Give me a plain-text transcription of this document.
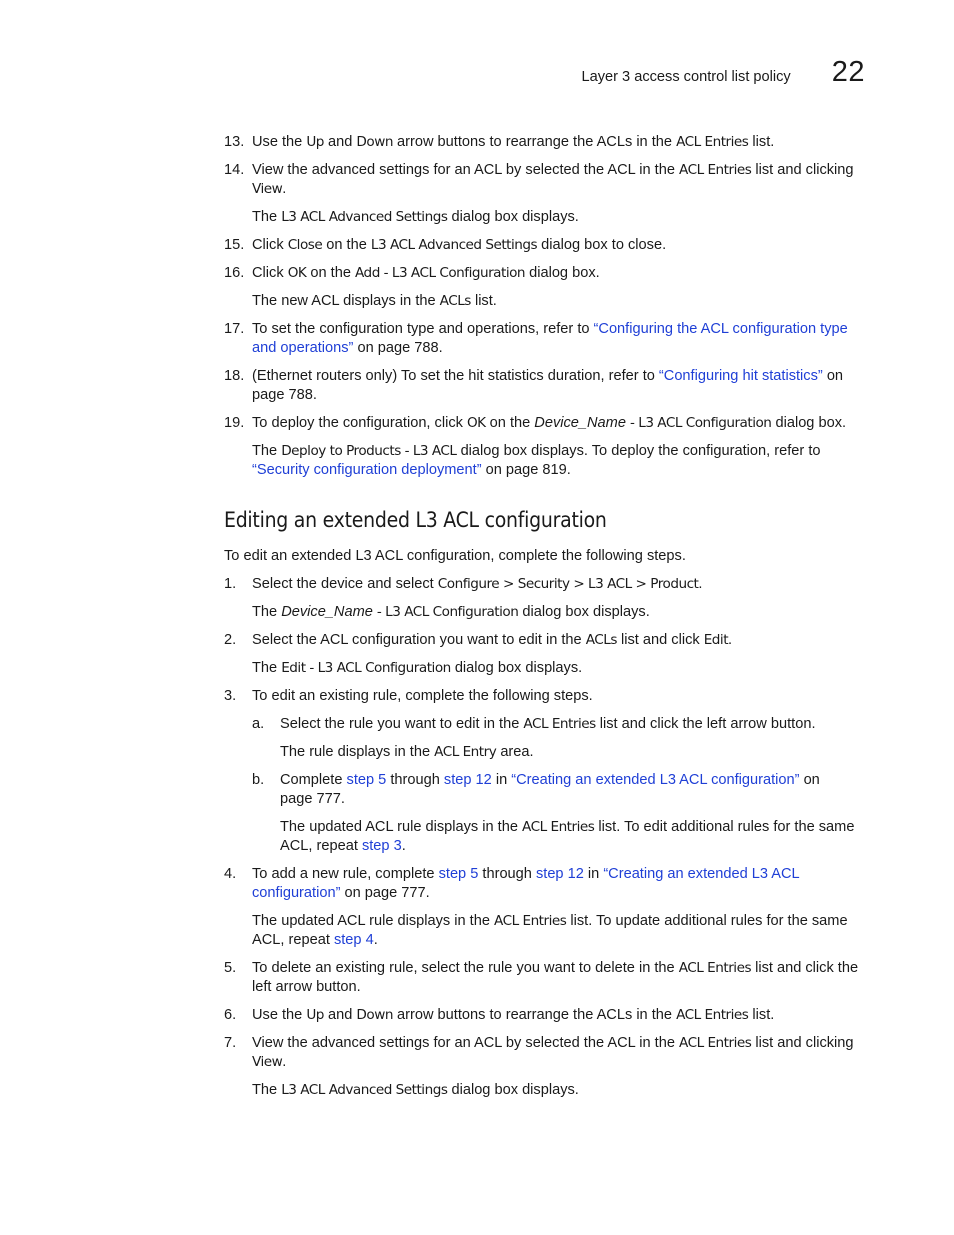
Layer 3 access control list policy 22
13. Use the Up and Down arrow buttons to rearrange the ACLs in the ACL Entries list.
14. View the advanced settings for an ACL by selected the ACL in the ACL Entries list and clicking
View.
The L3 ACL Advanced Settings dialog box displays.
15. Click Close on the L3 ACL Advanced Settings dialog box to close.
16. Click OK on the Add - L3 ACL Configuration dialog box.
The new ACL displays in the ACLs list.
17. To set the configuration type and operations, refer to “Configuring the ACL configuration type
and operations” on page 788.
18. (Ethernet routers only) To set the hit statistics duration, refer to “Configuring hit statistics” on
page 788.
19. To deploy the configuration, click OK on the Device_Name - L3 ACL Configuration dialog box.
The Deploy to Products - L3 ACL dialog box displays. To deploy the configuration, refer to
“Security configuration deployment” on page 819.
Editing an extended L3 ACL configuration
To edit an extended L3 ACL configuration, complete the following steps.
1. Select the device and select Configure > Security > L3 ACL > Product.
The Device_Name - L3 ACL Configuration dialog box displays.
2. Select the ACL configuration you want to edit in the ACLs list and click Edit.
The Edit - L3 ACL Configuration dialog box displays.
3. To edit an existing rule, complete the following steps.
a. Select the rule you want to edit in the ACL Entries list and click the left arrow button.
The rule displays in the ACL Entry area.
b. Complete step 5 through step 12 in “Creating an extended L3 ACL configuration” on
page 777.
The updated ACL rule displays in the ACL Entries list. To edit additional rules for the same
ACL, repeat step 3.
4. To add a new rule, complete step 5 through step 12 in “Creating an extended L3 ACL
configuration” on page 777.
The updated ACL rule displays in the ACL Entries list. To update additional rules for the same
ACL, repeat step 4.
5. To delete an existing rule, select the rule you want to delete in the ACL Entries list and click the
left arrow button.
6. Use the Up and Down arrow buttons to rearrange the ACLs in the ACL Entries list.
7. View the advanced settings for an ACL by selected the ACL in the ACL Entries list and clicking
View.
The L3 ACL Advanced Settings dialog box displays.
